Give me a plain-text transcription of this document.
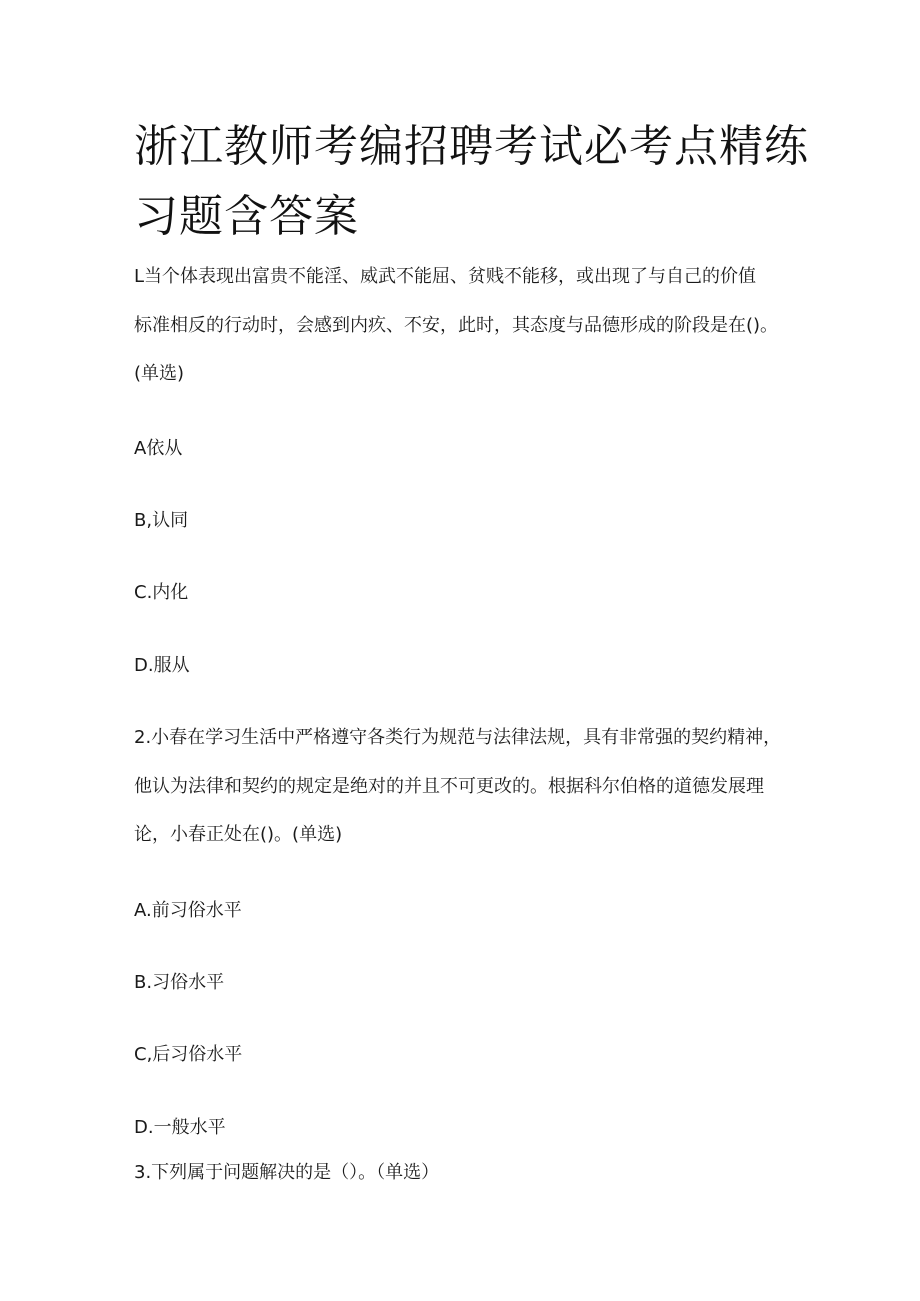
浙江教师考编招聘考试必考点精练
习题含答案

L当个体表现出富贵不能淫、威武不能屈、贫贱不能移，或出现了与自己的价值

标准相反的行动时，会感到内疚、不安，此时，其态度与品德形成的阶段是在()。

(单选)

A依从

B,认同

C.内化

D.服从

2.小春在学习生活中严格遵守各类行为规范与法律法规，具有非常强的契约精神，

他认为法律和契约的规定是绝对的并且不可更改的。根据科尔伯格的道德发展理

论，小春正处在()。(单选)

A.前习俗水平

B.习俗水平

C,后习俗水平

D.一般水平

3.下列属于问题解决的是（）。（单选）
